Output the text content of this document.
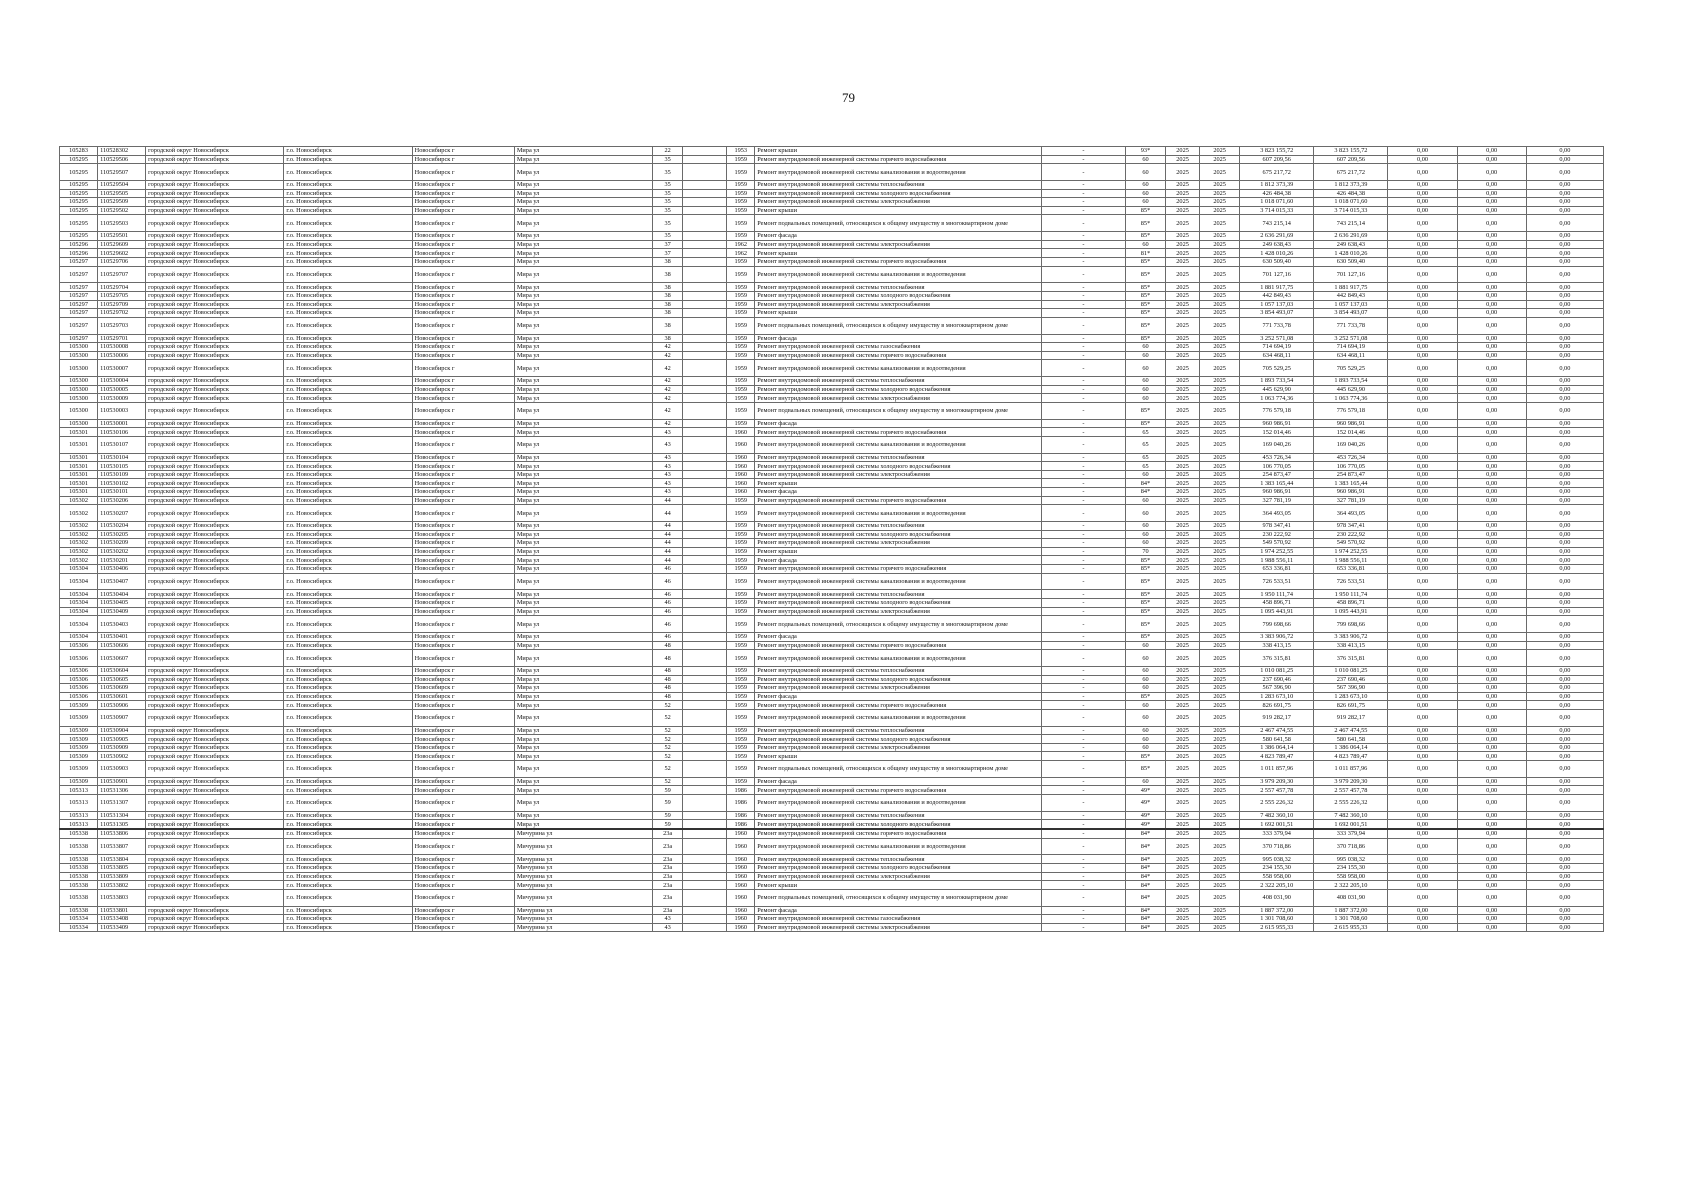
79
105283	110528302	городской округ Новосибирск	г.о. Новосибирск	Новосибирск г	Мира ул	22		1953	Ремонт крыши	-	93*	2025	2025	3 823 155,72	3 823 155,72	0,00	0,00	0,00
105295	110529506	городской округ Новосибирск	г.о. Новосибирск	Новосибирск г	Мира ул	35		1959	Ремонт внутридомовой инженерной системы горячего водоснабжения	-	60	2025	2025	607 209,56	607 209,56	0,00	0,00	0,00
105295	110529507	городской округ Новосибирск	г.о. Новосибирск	Новосибирск г	Мира ул	35		1959	Ремонт внутридомовой инженерной системы канализования и водоотведения	-	60	2025	2025	675 217,72	675 217,72	0,00	0,00	0,00
105295	110529504	городской округ Новосибирск	г.о. Новосибирск	Новосибирск г	Мира ул	35		1959	Ремонт внутридомовой инженерной системы теплоснабжения	-	60	2025	2025	1 812 373,39	1 812 373,39	0,00	0,00	0,00
105295	110529505	городской округ Новосибирск	г.о. Новосибирск	Новосибирск г	Мира ул	35		1959	Ремонт внутридомовой инженерной системы холодного водоснабжения	-	60	2025	2025	426 484,38	426 484,38	0,00	0,00	0,00
105295	110529509	городской округ Новосибирск	г.о. Новосибирск	Новосибирск г	Мира ул	35		1959	Ремонт внутридомовой инженерной системы электроснабжения	-	60	2025	2025	1 018 071,60	1 018 071,60	0,00	0,00	0,00
105295	110529502	городской округ Новосибирск	г.о. Новосибирск	Новосибирск г	Мира ул	35		1959	Ремонт крыши	-	85*	2025	2025	3 714 015,33	3 714 015,33	0,00	0,00	0,00
105295	110529503	городской округ Новосибирск	г.о. Новосибирск	Новосибирск г	Мира ул	35		1959	Ремонт подвальных помещений, относящихся к общему имуществу в многоквартирном доме	-	85*	2025	2025	743 215,14	743 215,14	0,00	0,00	0,00
105295	110529501	городской округ Новосибирск	г.о. Новосибирск	Новосибирск г	Мира ул	35		1959	Ремонт фасада	-	85*	2025	2025	2 636 291,69	2 636 291,69	0,00	0,00	0,00
105296	110529609	городской округ Новосибирск	г.о. Новосибирск	Новосибирск г	Мира ул	37		1962	Ремонт внутридомовой инженерной системы электроснабжения	-	60	2025	2025	249 638,43	249 638,43	0,00	0,00	0,00
105296	110529602	городской округ Новосибирск	г.о. Новосибирск	Новосибирск г	Мира ул	37		1962	Ремонт крыши	-	81*	2025	2025	1 428 010,26	1 428 010,26	0,00	0,00	0,00
105297	110529706	городской округ Новосибирск	г.о. Новосибирск	Новосибирск г	Мира ул	38		1959	Ремонт внутридомовой инженерной системы горячего водоснабжения	-	85*	2025	2025	630 509,40	630 509,40	0,00	0,00	0,00
105297	110529707	городской округ Новосибирск	г.о. Новосибирск	Новосибирск г	Мира ул	38		1959	Ремонт внутридомовой инженерной системы канализования и водоотведения	-	85*	2025	2025	701 127,16	701 127,16	0,00	0,00	0,00
105297	110529704	городской округ Новосибирск	г.о. Новосибирск	Новосибирск г	Мира ул	38		1959	Ремонт внутридомовой инженерной системы теплоснабжения	-	85*	2025	2025	1 881 917,75	1 881 917,75	0,00	0,00	0,00
105297	110529705	городской округ Новосибирск	г.о. Новосибирск	Новосибирск г	Мира ул	38		1959	Ремонт внутридомовой инженерной системы холодного водоснабжения	-	85*	2025	2025	442 849,43	442 849,43	0,00	0,00	0,00
105297	110529709	городской округ Новосибирск	г.о. Новосибирск	Новосибирск г	Мира ул	38		1959	Ремонт внутридомовой инженерной системы электроснабжения	-	85*	2025	2025	1 057 137,03	1 057 137,03	0,00	0,00	0,00
105297	110529702	городской округ Новосибирск	г.о. Новосибирск	Новосибирск г	Мира ул	38		1959	Ремонт крыши	-	85*	2025	2025	3 854 493,07	3 854 493,07	0,00	0,00	0,00
105297	110529703	городской округ Новосибирск	г.о. Новосибирск	Новосибирск г	Мира ул	38		1959	Ремонт подвальных помещений, относящихся к общему имуществу в многоквартирном доме	-	85*	2025	2025	771 733,78	771 733,78	0,00	0,00	0,00
105297	110529701	городской округ Новосибирск	г.о. Новосибирск	Новосибирск г	Мира ул	38		1959	Ремонт фасада	-	85*	2025	2025	3 252 571,08	3 252 571,08	0,00	0,00	0,00
105300	110530008	городской округ Новосибирск	г.о. Новосибирск	Новосибирск г	Мира ул	42		1959	Ремонт внутридомовой инженерной системы газоснабжения	-	60	2025	2025	714 694,19	714 694,19	0,00	0,00	0,00
105300	110530006	городской округ Новосибирск	г.о. Новосибирск	Новосибирск г	Мира ул	42		1959	Ремонт внутридомовой инженерной системы горячего водоснабжения	-	60	2025	2025	634 468,11	634 468,11	0,00	0,00	0,00
105300	110530007	городской округ Новосибирск	г.о. Новосибирск	Новосибирск г	Мира ул	42		1959	Ремонт внутридомовой инженерной системы канализования и водоотведения	-	60	2025	2025	705 529,25	705 529,25	0,00	0,00	0,00
105300	110530004	городской округ Новосибирск	г.о. Новосибирск	Новосибирск г	Мира ул	42		1959	Ремонт внутридомовой инженерной системы теплоснабжения	-	60	2025	2025	1 893 733,54	1 893 733,54	0,00	0,00	0,00
105300	110530005	городской округ Новосибирск	г.о. Новосибирск	Новосибирск г	Мира ул	42		1959	Ремонт внутридомовой инженерной системы холодного водоснабжения	-	60	2025	2025	445 629,90	445 629,90	0,00	0,00	0,00
105300	110530009	городской округ Новосибирск	г.о. Новосибирск	Новосибирск г	Мира ул	42		1959	Ремонт внутридомовой инженерной системы электроснабжения	-	60	2025	2025	1 063 774,36	1 063 774,36	0,00	0,00	0,00
105300	110530003	городской округ Новосибирск	г.о. Новосибирск	Новосибирск г	Мира ул	42		1959	Ремонт подвальных помещений, относящихся к общему имуществу в многоквартирном доме	-	85*	2025	2025	776 579,18	776 579,18	0,00	0,00	0,00
105300	110530001	городской округ Новосибирск	г.о. Новосибирск	Новосибирск г	Мира ул	42		1959	Ремонт фасада	-	85*	2025	2025	960 986,91	960 986,91	0,00	0,00	0,00
105301	110530106	городской округ Новосибирск	г.о. Новосибирск	Новосибирск г	Мира ул	43		1960	Ремонт внутридомовой инженерной системы горячего водоснабжения	-	65	2025	2025	152 014,46	152 014,46	0,00	0,00	0,00
105301	110530107	городской округ Новосибирск	г.о. Новосибирск	Новосибирск г	Мира ул	43		1960	Ремонт внутридомовой инженерной системы канализования и водоотведения	-	65	2025	2025	169 040,26	169 040,26	0,00	0,00	0,00
105301	110530104	городской округ Новосибирск	г.о. Новосибирск	Новосибирск г	Мира ул	43		1960	Ремонт внутридомовой инженерной системы теплоснабжения	-	65	2025	2025	453 726,34	453 726,34	0,00	0,00	0,00
105301	110530105	городской округ Новосибирск	г.о. Новосибирск	Новосибирск г	Мира ул	43		1960	Ремонт внутридомовой инженерной системы холодного водоснабжения	-	65	2025	2025	106 770,05	106 770,05	0,00	0,00	0,00
105301	110530109	городской округ Новосибирск	г.о. Новосибирск	Новосибирск г	Мира ул	43		1960	Ремонт внутридомовой инженерной системы электроснабжения	-	60	2025	2025	254 873,47	254 873,47	0,00	0,00	0,00
105301	110530102	городской округ Новосибирск	г.о. Новосибирск	Новосибирск г	Мира ул	43		1960	Ремонт крыши	-	84*	2025	2025	1 383 165,44	1 383 165,44	0,00	0,00	0,00
105301	110530101	городской округ Новосибирск	г.о. Новосибирск	Новосибирск г	Мира ул	43		1960	Ремонт фасада	-	84*	2025	2025	960 986,91	960 986,91	0,00	0,00	0,00
105302	110530206	городской округ Новосибирск	г.о. Новосибирск	Новосибирск г	Мира ул	44		1959	Ремонт внутридомовой инженерной системы горячего водоснабжения	-	60	2025	2025	327 781,19	327 781,19	0,00	0,00	0,00
105302	110530207	городской округ Новосибирск	г.о. Новосибирск	Новосибирск г	Мира ул	44		1959	Ремонт внутридомовой инженерной системы канализования и водоотведения	-	60	2025	2025	364 493,05	364 493,05	0,00	0,00	0,00
105302	110530204	городской округ Новосибирск	г.о. Новосибирск	Новосибирск г	Мира ул	44		1959	Ремонт внутридомовой инженерной системы теплоснабжения	-	60	2025	2025	978 347,41	978 347,41	0,00	0,00	0,00
105302	110530205	городской округ Новосибирск	г.о. Новосибирск	Новосибирск г	Мира ул	44		1959	Ремонт внутридомовой инженерной системы холодного водоснабжения	-	60	2025	2025	230 222,92	230 222,92	0,00	0,00	0,00
105302	110530209	городской округ Новосибирск	г.о. Новосибирск	Новосибирск г	Мира ул	44		1959	Ремонт внутридомовой инженерной системы электроснабжения	-	60	2025	2025	549 570,92	549 570,92	0,00	0,00	0,00
105302	110530202	городской округ Новосибирск	г.о. Новосибирск	Новосибирск г	Мира ул	44		1959	Ремонт крыши	-	70	2025	2025	1 974 252,55	1 974 252,55	0,00	0,00	0,00
105302	110530201	городской округ Новосибирск	г.о. Новосибирск	Новосибирск г	Мира ул	44		1959	Ремонт фасада	-	85*	2025	2025	1 988 556,11	1 988 556,11	0,00	0,00	0,00
105304	110530406	городской округ Новосибирск	г.о. Новосибирск	Новосибирск г	Мира ул	46		1959	Ремонт внутридомовой инженерной системы горячего водоснабжения	-	85*	2025	2025	653 336,81	653 336,81	0,00	0,00	0,00
105304	110530407	городской округ Новосибирск	г.о. Новосибирск	Новосибирск г	Мира ул	46		1959	Ремонт внутридомовой инженерной системы канализования и водоотведения	-	85*	2025	2025	726 533,51	726 533,51	0,00	0,00	0,00
105304	110530404	городской округ Новосибирск	г.о. Новосибирск	Новосибирск г	Мира ул	46		1959	Ремонт внутридомовой инженерной системы теплоснабжения	-	85*	2025	2025	1 950 111,74	1 950 111,74	0,00	0,00	0,00
105304	110530405	городской округ Новосибирск	г.о. Новосибирск	Новосибирск г	Мира ул	46		1959	Ремонт внутридомовой инженерной системы холодного водоснабжения	-	85*	2025	2025	458 896,71	458 896,71	0,00	0,00	0,00
105304	110530409	городской округ Новосибирск	г.о. Новосибирск	Новосибирск г	Мира ул	46		1959	Ремонт внутридомовой инженерной системы электроснабжения	-	85*	2025	2025	1 095 443,91	1 095 443,91	0,00	0,00	0,00
105304	110530403	городской округ Новосибирск	г.о. Новосибирск	Новосибирск г	Мира ул	46		1959	Ремонт подвальных помещений, относящихся к общему имуществу в многоквартирном доме	-	85*	2025	2025	799 698,66	799 698,66	0,00	0,00	0,00
105304	110530401	городской округ Новосибирск	г.о. Новосибирск	Новосибирск г	Мира ул	46		1959	Ремонт фасада	-	85*	2025	2025	3 383 906,72	3 383 906,72	0,00	0,00	0,00
105306	110530606	городской округ Новосибирск	г.о. Новосибирск	Новосибирск г	Мира ул	48		1959	Ремонт внутридомовой инженерной системы горячего водоснабжения	-	60	2025	2025	338 413,15	338 413,15	0,00	0,00	0,00
105306	110530607	городской округ Новосибирск	г.о. Новосибирск	Новосибирск г	Мира ул	48		1959	Ремонт внутридомовой инженерной системы канализования и водоотведения	-	60	2025	2025	376 315,81	376 315,81	0,00	0,00	0,00
105306	110530604	городской округ Новосибирск	г.о. Новосибирск	Новосибирск г	Мира ул	48		1959	Ремонт внутридомовой инженерной системы теплоснабжения	-	60	2025	2025	1 010 081,25	1 010 081,25	0,00	0,00	0,00
105306	110530605	городской округ Новосибирск	г.о. Новосибирск	Новосибирск г	Мира ул	48		1959	Ремонт внутридомовой инженерной системы холодного водоснабжения	-	60	2025	2025	237 690,46	237 690,46	0,00	0,00	0,00
105306	110530609	городской округ Новосибирск	г.о. Новосибирск	Новосибирск г	Мира ул	48		1959	Ремонт внутридомовой инженерной системы электроснабжения	-	60	2025	2025	567 396,90	567 396,90	0,00	0,00	0,00
105306	110530601	городской округ Новосибирск	г.о. Новосибирск	Новосибирск г	Мира ул	48		1959	Ремонт фасада	-	85*	2025	2025	1 283 673,10	1 283 673,10	0,00	0,00	0,00
105309	110530906	городской округ Новосибирск	г.о. Новосибирск	Новосибирск г	Мира ул	52		1959	Ремонт внутридомовой инженерной системы горячего водоснабжения	-	60	2025	2025	826 691,75	826 691,75	0,00	0,00	0,00
105309	110530907	городской округ Новосибирск	г.о. Новосибирск	Новосибирск г	Мира ул	52		1959	Ремонт внутридомовой инженерной системы канализования и водоотведения	-	60	2025	2025	919 282,17	919 282,17	0,00	0,00	0,00
105309	110530904	городской округ Новосибирск	г.о. Новосибирск	Новосибирск г	Мира ул	52		1959	Ремонт внутридомовой инженерной системы теплоснабжения	-	60	2025	2025	2 467 474,55	2 467 474,55	0,00	0,00	0,00
105309	110530905	городской округ Новосибирск	г.о. Новосибирск	Новосибирск г	Мира ул	52		1959	Ремонт внутридомовой инженерной системы холодного водоснабжения	-	60	2025	2025	580 641,58	580 641,58	0,00	0,00	0,00
105309	110530909	городской округ Новосибирск	г.о. Новосибирск	Новосибирск г	Мира ул	52		1959	Ремонт внутридомовой инженерной системы электроснабжения	-	60	2025	2025	1 386 064,14	1 386 064,14	0,00	0,00	0,00
105309	110530902	городской округ Новосибирск	г.о. Новосибирск	Новосибирск г	Мира ул	52		1959	Ремонт крыши	-	85*	2025	2025	4 823 789,47	4 823 789,47	0,00	0,00	0,00
105309	110530903	городской округ Новосибирск	г.о. Новосибирск	Новосибирск г	Мира ул	52		1959	Ремонт подвальных помещений, относящихся к общему имуществу в многоквартирном доме	-	85*	2025	2025	1 011 857,96	1 011 857,96	0,00	0,00	0,00
105309	110530901	городской округ Новосибирск	г.о. Новосибирск	Новосибирск г	Мира ул	52		1959	Ремонт фасада	-	60	2025	2025	3 979 209,30	3 979 209,30	0,00	0,00	0,00
105313	110531306	городской округ Новосибирск	г.о. Новосибирск	Новосибирск г	Мира ул	59		1986	Ремонт внутридомовой инженерной системы горячего водоснабжения	-	49*	2025	2025	2 557 457,78	2 557 457,78	0,00	0,00	0,00
105313	110531307	городской округ Новосибирск	г.о. Новосибирск	Новосибирск г	Мира ул	59		1986	Ремонт внутридомовой инженерной системы канализования и водоотведения	-	49*	2025	2025	2 555 226,32	2 555 226,32	0,00	0,00	0,00
105313	110531304	городской округ Новосибирск	г.о. Новосибирск	Новосибирск г	Мира ул	59		1986	Ремонт внутридомовой инженерной системы теплоснабжения	-	49*	2025	2025	7 482 360,10	7 482 360,10	0,00	0,00	0,00
105313	110531305	городской округ Новосибирск	г.о. Новосибирск	Новосибирск г	Мира ул	59		1986	Ремонт внутридомовой инженерной системы холодного водоснабжения	-	49*	2025	2025	1 692 001,51	1 692 001,51	0,00	0,00	0,00
105338	110533806	городской округ Новосибирск	г.о. Новосибирск	Новосибирск г	Мичурина ул	23а		1960	Ремонт внутридомовой инженерной системы горячего водоснабжения	-	84*	2025	2025	333 379,94	333 379,94	0,00	0,00	0,00
105338	110533807	городской округ Новосибирск	г.о. Новосибирск	Новосибирск г	Мичурина ул	23а		1960	Ремонт внутридомовой инженерной системы канализования и водоотведения	-	84*	2025	2025	370 718,86	370 718,86	0,00	0,00	0,00
105338	110533804	городской округ Новосибирск	г.о. Новосибирск	Новосибирск г	Мичурина ул	23а		1960	Ремонт внутридомовой инженерной системы теплоснабжения	-	84*	2025	2025	995 038,32	995 038,32	0,00	0,00	0,00
105338	110533805	городской округ Новосибирск	г.о. Новосибирск	Новосибирск г	Мичурина ул	23а		1960	Ремонт внутридомовой инженерной системы холодного водоснабжения	-	84*	2025	2025	234 155,30	234 155,30	0,00	0,00	0,00
105338	110533809	городской округ Новосибирск	г.о. Новосибирск	Новосибирск г	Мичурина ул	23а		1960	Ремонт внутридомовой инженерной системы электроснабжения	-	84*	2025	2025	558 958,00	558 958,00	0,00	0,00	0,00
105338	110533802	городской округ Новосибирск	г.о. Новосибирск	Новосибирск г	Мичурина ул	23а		1960	Ремонт крыши	-	84*	2025	2025	2 322 205,10	2 322 205,10	0,00	0,00	0,00
105338	110533803	городской округ Новосибирск	г.о. Новосибирск	Новосибирск г	Мичурина ул	23а		1960	Ремонт подвальных помещений, относящихся к общему имуществу в многоквартирном доме	-	84*	2025	2025	408 031,90	408 031,90	0,00	0,00	0,00
105338	110533801	городской округ Новосибирск	г.о. Новосибирск	Новосибирск г	Мичурина ул	23а		1960	Ремонт фасада	-	84*	2025	2025	1 887 372,00	1 887 372,00	0,00	0,00	0,00
105334	110533408	городской округ Новосибирск	г.о. Новосибирск	Новосибирск г	Мичурина ул	43		1960	Ремонт внутридомовой инженерной системы газоснабжения	-	84*	2025	2025	1 301 708,60	1 301 708,60	0,00	0,00	0,00
105334	110533409	городской округ Новосибирск	г.о. Новосибирск	Новосибирск г	Мичурина ул	43		1960	Ремонт внутридомовой инженерной системы электроснабжения	-	84*	2025	2025	2 615 955,33	2 615 955,33	0,00	0,00	0,00
